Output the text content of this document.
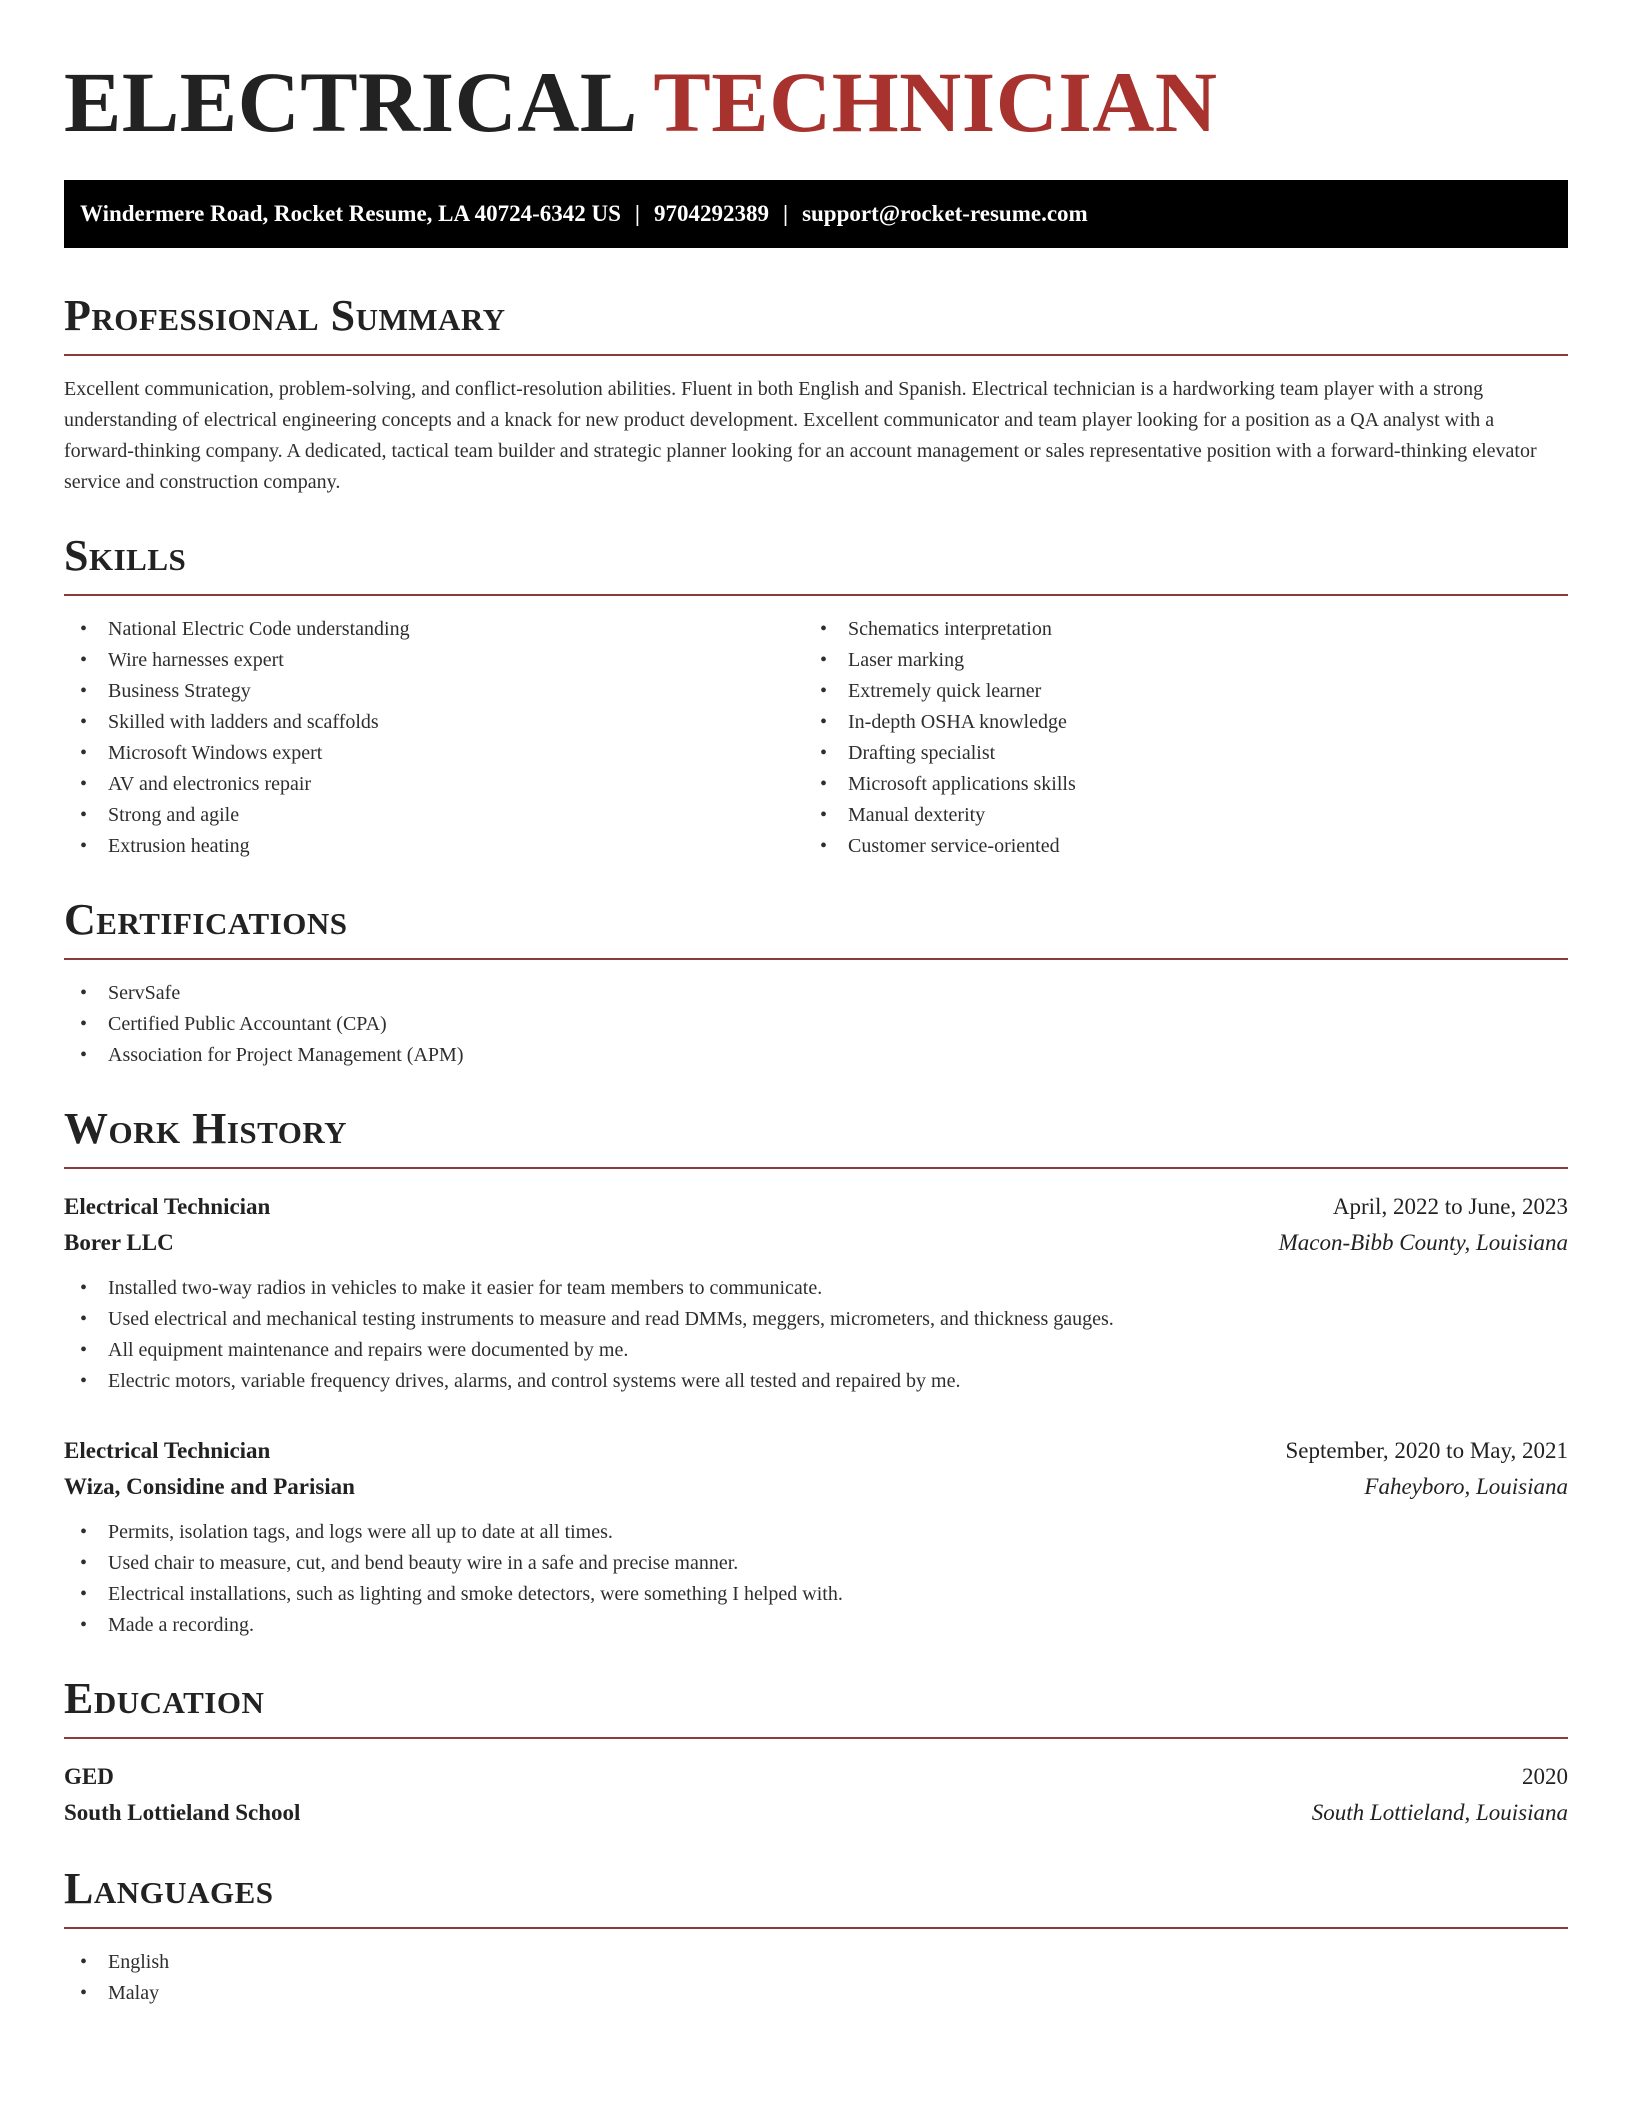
ELECTRICAL TECHNICIAN
Windermere Road, Rocket Resume, LA 40724-6342 US | 9704292389 | support@rocket-resume.com
Professional Summary

Excellent communication, problem-solving, and conflict-resolution abilities. Fluent in both English and Spanish. Electrical technician is a hardworking team player with a strong understanding of electrical engineering concepts and a knack for new product development. Excellent communicator and team player looking for a position as a QA analyst with a forward-thinking company. A dedicated, tactical team builder and strategic planner looking for an account management or sales representative position with a forward-thinking elevator service and construction company.

Skills
• National Electric Code understanding
• Wire harnesses expert
• Business Strategy
• Skilled with ladders and scaffolds
• Microsoft Windows expert
• AV and electronics repair
• Strong and agile
• Extrusion heating
• Schematics interpretation
• Laser marking
• Extremely quick learner
• In-depth OSHA knowledge
• Drafting specialist
• Microsoft applications skills
• Manual dexterity
• Customer service-oriented
Certifications
• ServSafe
• Certified Public Accountant (CPA)
• Association for Project Management (APM)
Work History
Electrical Technician	April, 2022 to June, 2023
Borer LLC	Macon-Bibb County, Louisiana
• Installed two-way radios in vehicles to make it easier for team members to communicate.
• Used electrical and mechanical testing instruments to measure and read DMMs, meggers, micrometers, and thickness gauges.
• All equipment maintenance and repairs were documented by me.
• Electric motors, variable frequency drives, alarms, and control systems were all tested and repaired by me.
Electrical Technician	September, 2020 to May, 2021
Wiza, Considine and Parisian	Faheyboro, Louisiana
• Permits, isolation tags, and logs were all up to date at all times.
• Used chair to measure, cut, and bend beauty wire in a safe and precise manner.
• Electrical installations, such as lighting and smoke detectors, were something I helped with.
• Made a recording.
Education
GED	2020
South Lottieland School	South Lottieland, Louisiana
Languages
• English
• Malay
